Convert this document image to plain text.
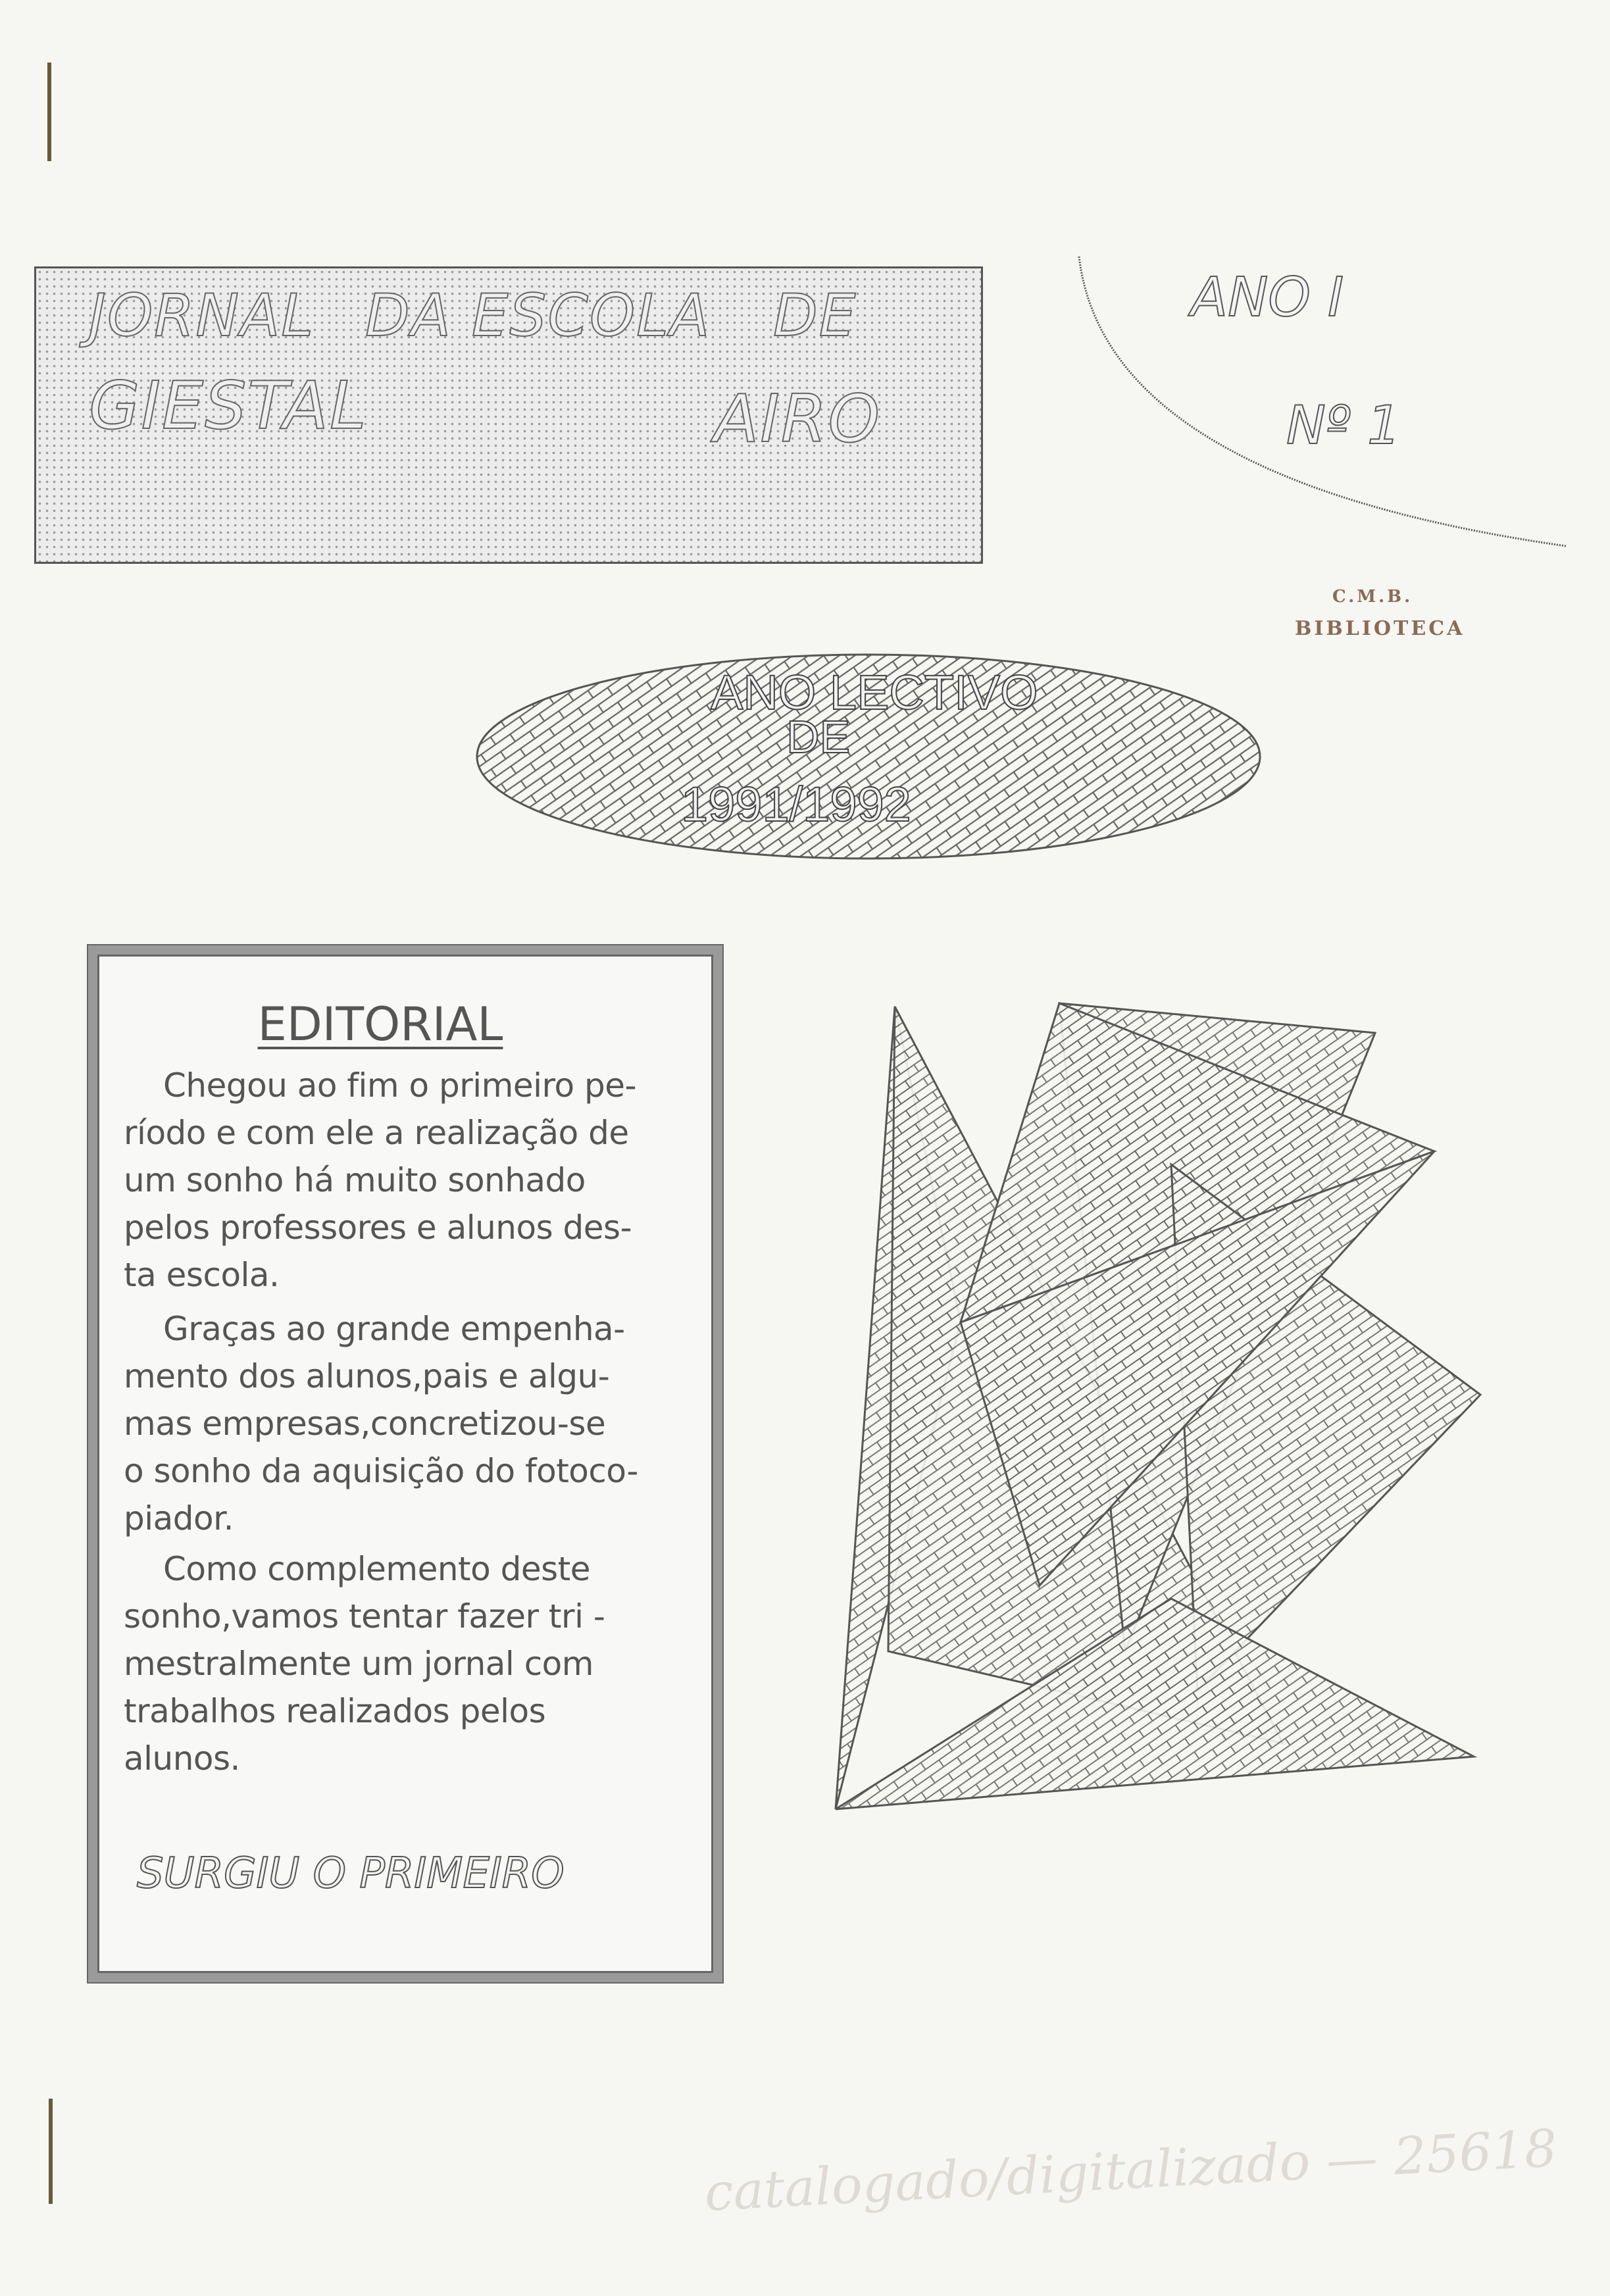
JORNAL DA ESCOLA DE
GIESTAL	AIRO
ANO I
Nº 1
C.M.B.
BIBLIOTECA
ANO LECTIVO
DE
1991/1992
EDITORIAL
Chegou ao fim o primeiro pe-
ríodo e com ele a realização de
um sonho há muito sonhado
pelos professores e alunos des-
ta escola.
Graças ao grande empenha-
mento dos alunos,pais e algu-
mas empresas,concretizou-se
o sonho da aquisição do fotoco-
piador.
Como complemento deste
sonho,vamos tentar fazer tri -
mestralmente um jornal com
trabalhos realizados pelos
alunos.
SURGIU O PRIMEIRO
catalogado/digitalizado — 25618
